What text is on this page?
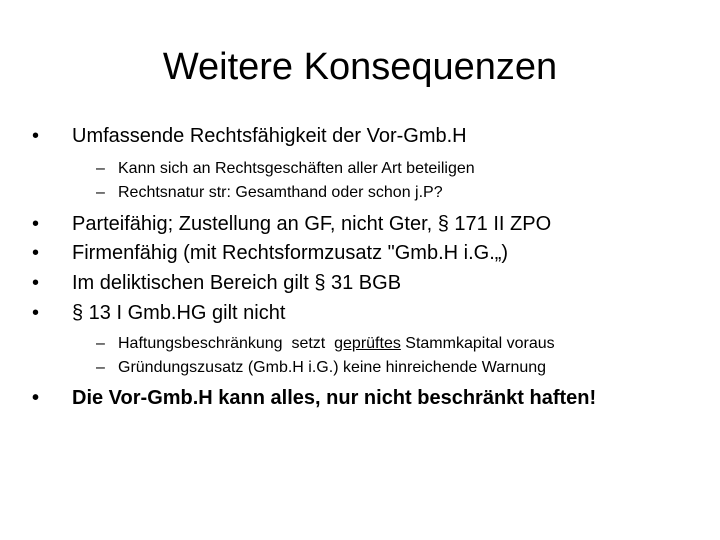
Weitere Konsequenzen
•	Umfassende Rechtsfähigkeit der Vor-Gmb.H
– Kann sich an Rechtsgeschäften aller Art beteiligen
– Rechtsnatur str: Gesamthand oder schon j.P?
•	Parteifähig; Zustellung an GF, nicht Gter, § 171 II ZPO
•	Firmenfähig (mit Rechtsformzusatz "Gmb.H i.G.„)
•	Im deliktischen Bereich gilt § 31 BGB
•	§ 13 I Gmb.HG gilt nicht
– Haftungsbeschränkung  setzt  geprüftes Stammkapital voraus
– Gründungszusatz (Gmb.H i.G.) keine hinreichende Warnung
•	Die Vor-Gmb.H kann alles, nur nicht beschränkt haften!
